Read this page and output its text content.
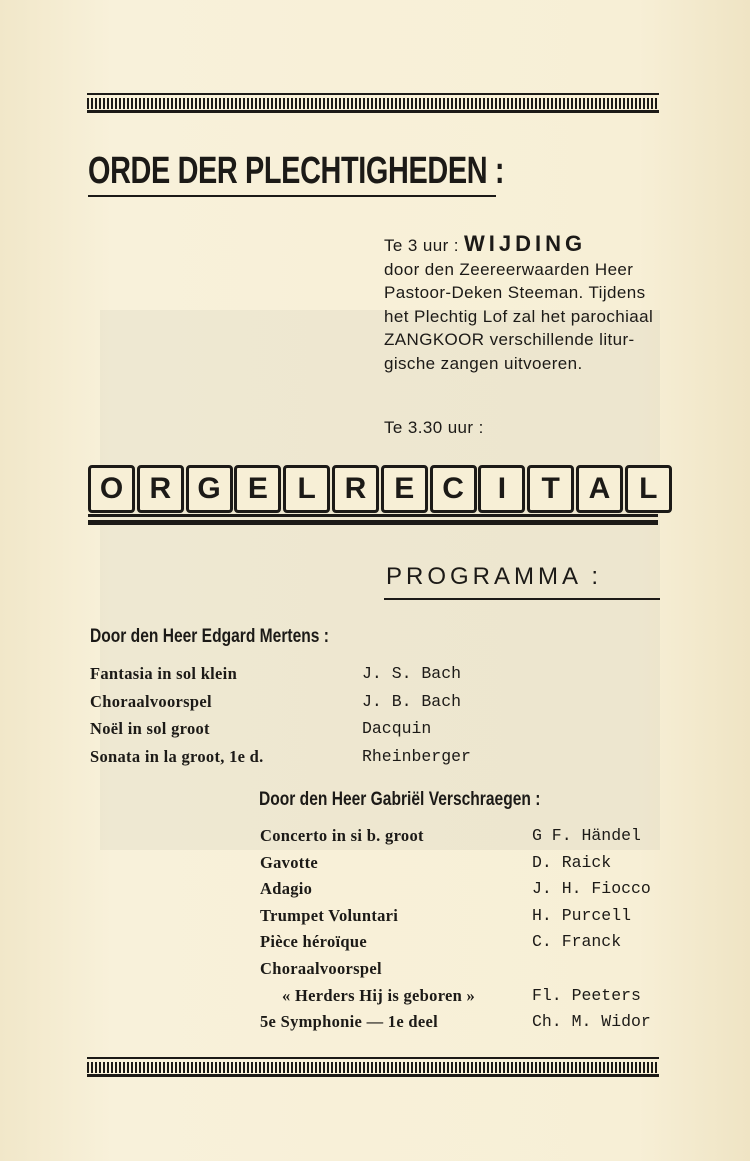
ORDE DER PLECHTIGHEDEN :
Te 3 uur : WIJDING
door den Zeereerwaarden Heer
Pastoor-Deken Steeman. Tijdens
het Plechtig Lof zal het parochiaal
ZANGKOOR verschillende litur-
gische zangen uitvoeren.
Te 3.30 uur :
O R G E L R E C	I	T A L
PROGRAMMA :
Door den Heer Edgard Mertens :
Fantasia in sol klein	J. S. Bach
Choraalvoorspel	J. B. Bach
Noël in sol groot	Dacquin
Sonata in la groot, 1e d.	Rheinberger
Door den Heer Gabriël Verschraegen :
Concerto in si b. groot	G F. Händel
Gavotte	D. Raick
Adagio	J. H. Fiocco
Trumpet Voluntari	H. Purcell
Pièce héroïque	C. Franck
Choraalvoorspel
« Herders Hij is geboren »	Fl. Peeters
5e Symphonie — 1e deel	Ch. M. Widor
